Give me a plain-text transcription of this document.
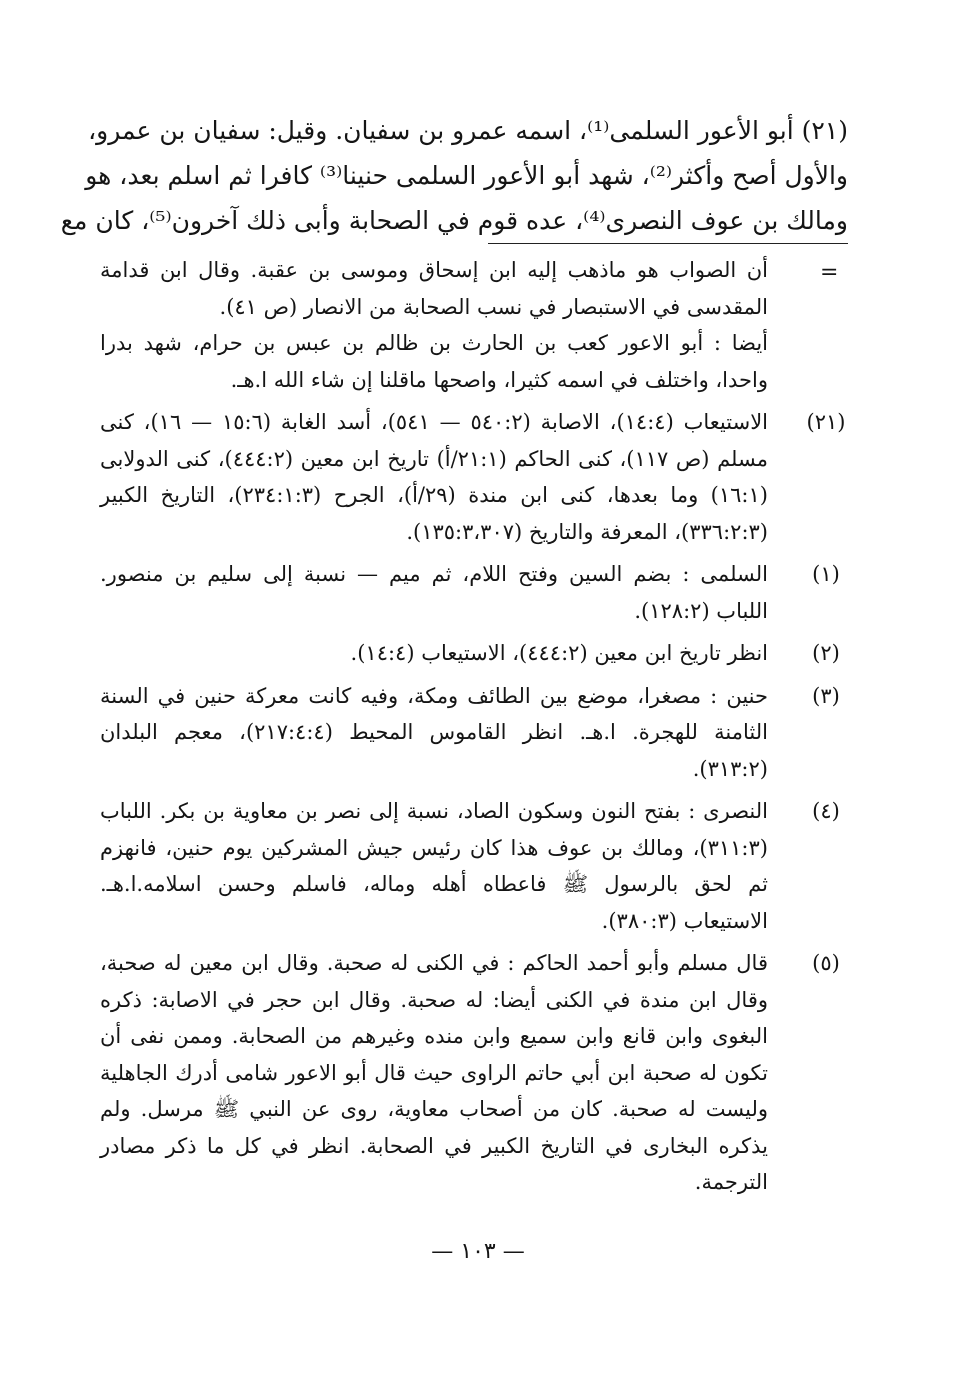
(٢١) أبو الأعور السلمى⁽¹⁾، اسمه عمرو بن سفيان. وقيل: سفيان بن عمرو،
والأول أصح وأكثر⁽²⁾، شهد أبو الأعور السلمى حنينا⁽³⁾ كافرا ثم اسلم بعد، هو
ومالك بن عوف النصرى⁽⁴⁾، عده قوم في الصحابة وأبى ذلك آخرون⁽⁵⁾، كان مع
=
أن الصواب هو ماذهب إليه ابن إسحاق وموسى بن عقبة. وقال ابن قدامة المقدسى في الاستبصار في نسب الصحابة من الانصار (ص ٤١).
أيضا : أبو الاعور كعب بن الحارث بن ظالم بن عبس بن حرام، شهد بدرا واحدا، واختلف في اسمه كثيرا، واصحها ماقلنا إن شاء الله ا.هـ.
(٢١)
الاستيعاب (١٤:٤)، الاصابة (٥٤٠:٢ — ٥٤١)، أسد الغابة (١٥:٦ — ١٦)، كنى مسلم (ص ١١٧)، كنى الحاكم (٢١:١/أ) تاريخ ابن معين (٤٤٤:٢)، كنى الدولابى (١٦:١) وما بعدها، كنى ابن مندة (٢٩/أ)، الجرح (٢٣٤:١:٣)، التاريخ الكبير (٣٣٦:٢:٣)، المعرفة والتاريخ (١٣٥:٣،٣٠٧).
(١)
السلمى : بضم السين وفتح اللام، ثم ميم — نسبة إلى سليم بن منصور. اللباب (١٢٨:٢).
(٢)
انظر تاريخ ابن معين (٤٤٤:٢)، الاستيعاب (١٤:٤).
(٣)
حنين : مصغرا، موضع بين الطائف ومكة، وفيه كانت معركة حنين في السنة الثامنة للهجرة. ا.هـ. انظر القاموس المحيط (٢١٧:٤:٤)، معجم البلدان (٣١٣:٢).
(٤)
النصرى : بفتح النون وسكون الصاد، نسبة إلى نصر بن معاوية بن بكر. اللباب (٣١١:٣)، ومالك بن عوف هذا كان رئيس جيش المشركين يوم حنين، فانهزم ثم لحق بالرسول ﷺ فاعطاه أهله وماله، فاسلم وحسن اسلامه.ا.هـ. الاستيعاب (٣٨٠:٣).
(٥)
قال مسلم وأبو أحمد الحاكم : في الكنى له صحبة. وقال ابن معين له صحبة، وقال ابن مندة في الكنى أيضا: له صحبة. وقال ابن حجر في الاصابة: ذكره البغوى وابن قانع وابن سميع وابن منده وغيرهم من الصحابة. وممن نفى أن تكون له صحبة ابن أبي حاتم الراوى حيث قال أبو الاعور شامى أدرك الجاهلية وليست له صحبة. كان من أصحاب معاوية، روى عن النبي ﷺ مرسل. ولم يذكره البخارى في التاريخ الكبير في الصحابة. انظر في كل ما ذكر مصادر الترجمة.
— ١٠٣ —
